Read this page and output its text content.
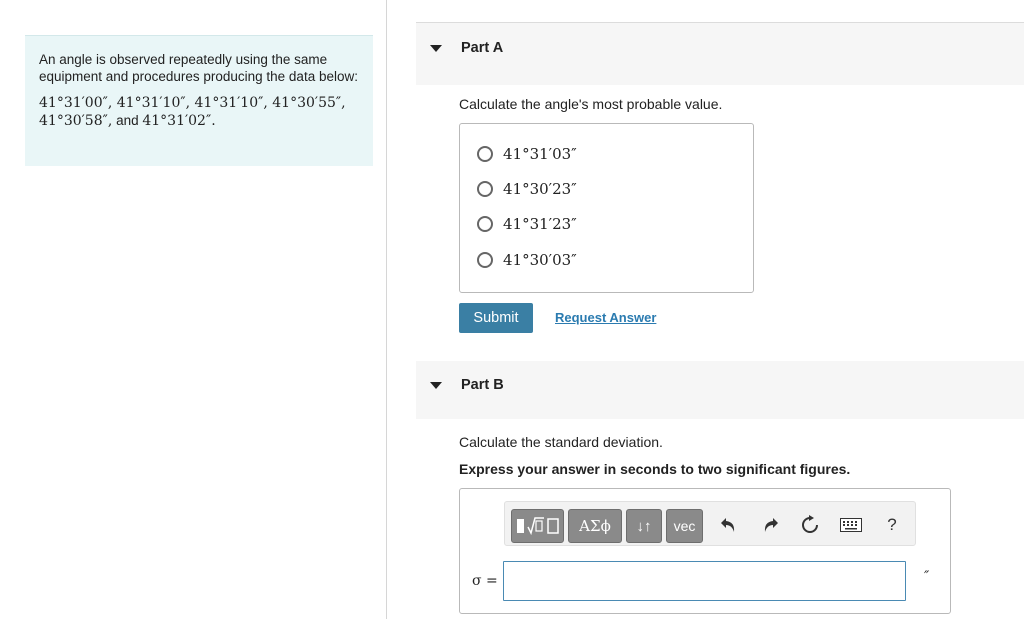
An angle is observed repeatedly using the same equipment and procedures producing the data below:
41°31′00″, 41°31′10″, 41°31′10″, 41°30′55″,
41°30′58″, and 41°31′02″.
Part A
Calculate the angle's most probable value.
41°31′03″
41°30′23″
41°31′23″
41°30′03″
Submit	Request Answer
Part B
Calculate the standard deviation.
Express your answer in seconds to two significant figures.
ΑΣϕ	↓↑	vec	?
σ =	″
